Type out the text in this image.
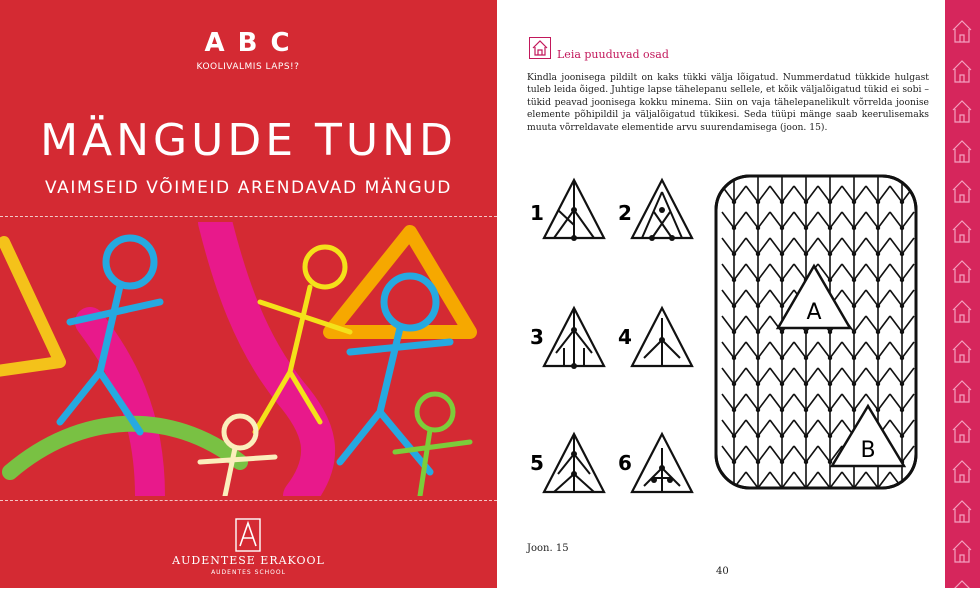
A B C
KOOLIVALMIS LAPS!?
MÄNGUDE TUND
VAIMSEID VÕIMEID ARENDAVAD MÄNGUD
AUDENTESE ERAKOOL
AUDENTES SCHOOL
Leia puuduvad osad

Kindla joonisega pildilt on kaks tükki välja lõigatud. Nummerdatud tükkide hulgast tuleb leida õiged. Juhtige lapse tähelepanu sellele, et kõik väljalõigatud tükid ei sobi – tükid peavad joonisega kokku minema. Siin on vaja tähelepanelikult võrrelda joonise elemente põhipildil ja väljalõigatud tükikesi. Seda tüüpi mänge saab keerulisemaks muuta võrreldavate elementide arvu suurendamisega (joon. 15).

1	2
3	4
5	6
A
B
Joon. 15
40
